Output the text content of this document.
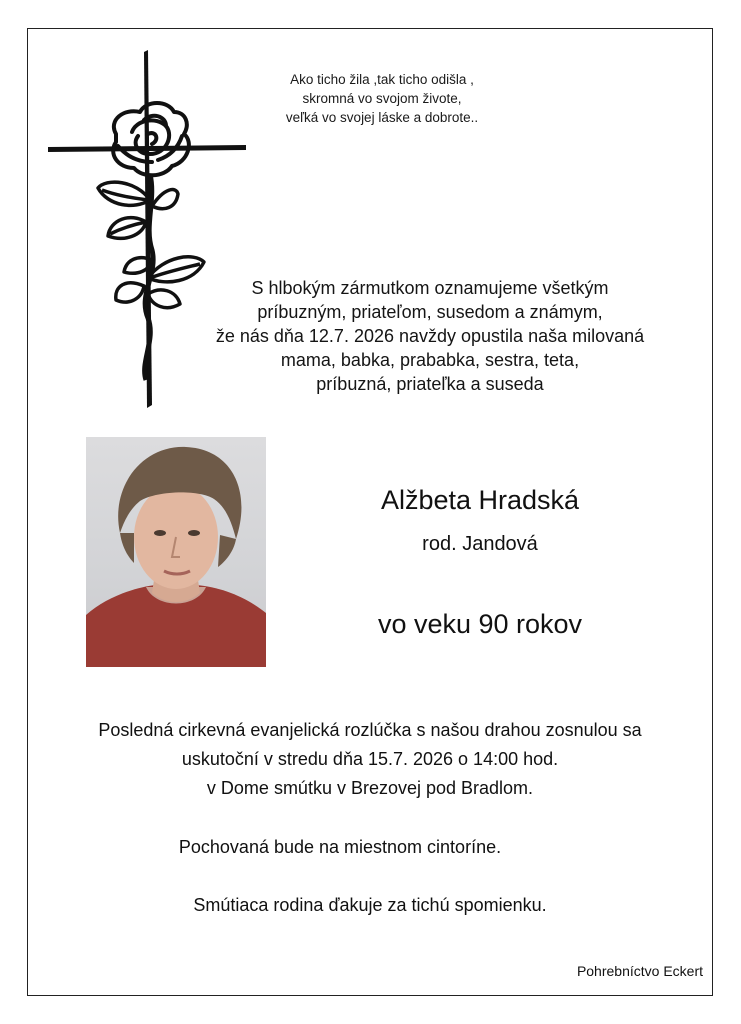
Ako ticho žila ,tak ticho odišla ,
skromná vo svojom živote,
veľká vo svojej láske a dobrote..
S hlbokým zármutkom oznamujeme všetkým
príbuzným, priateľom, susedom a známym,
že nás dňa 12.7. 2026 navždy opustila naša milovaná
mama, babka, prababka, sestra, teta,
príbuzná, priateľka a suseda
Alžbeta Hradská
rod. Jandová
vo veku 90 rokov
Posledná cirkevná evanjelická rozlúčka s našou drahou zosnulou sa
uskutoční v stredu dňa 15.7. 2026 o 14:00 hod.
v Dome smútku v Brezovej pod Bradlom.
Pochovaná bude na miestnom cintoríne.
Smútiaca rodina ďakuje za tichú spomienku.
Pohrebníctvo Eckert
